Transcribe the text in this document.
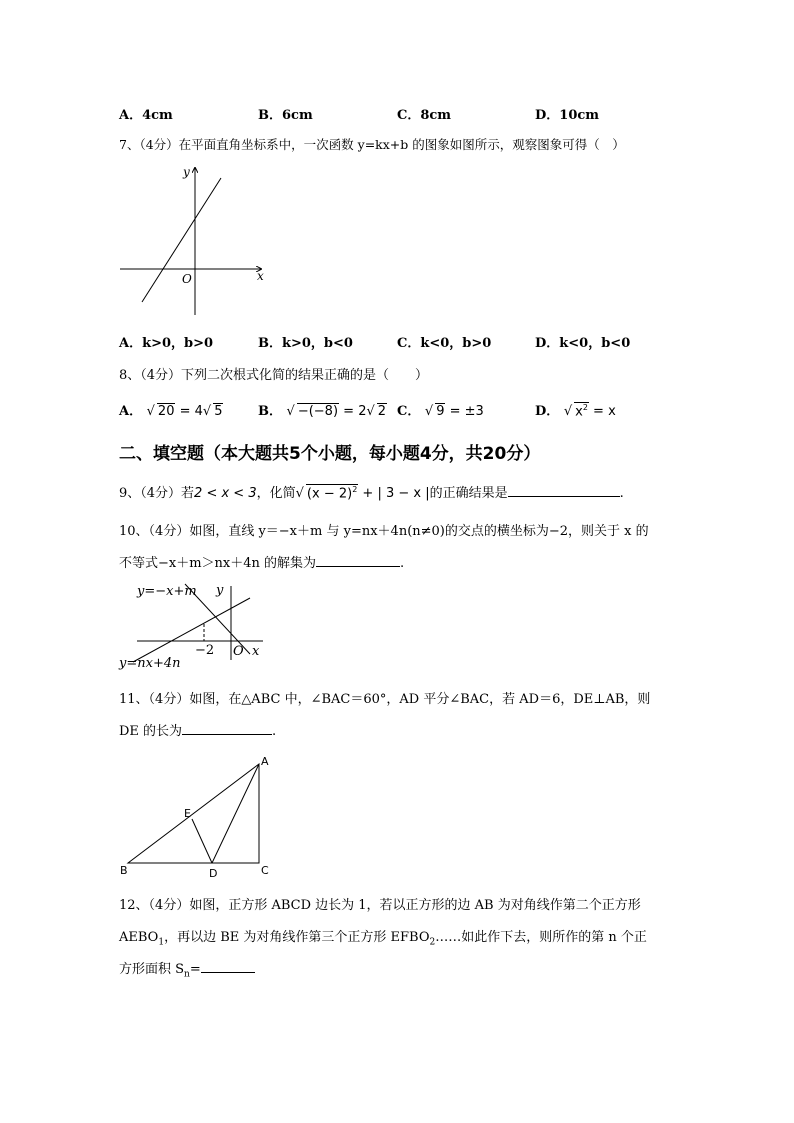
A．4cm	B．6cm	C．8cm	D．10cm
7、（4分）在平面直角坐标系中，一次函数 y=kx+b 的图象如图所示，观察图象可得（　）
y
x
O
A．k>0，b>0	B．k>0，b<0	C．k<0，b>0	D．k<0，b<0
8、（4分）下列二次根式化简的结果正确的是（　　）
A． √ 20 = 4√ 5	B． √ −(−8) = 2√ 2 C． √ 9 = ±3	D． √ $x^2 = x$
二、填空题（本大题共5个小题，每小题4分，共20分）
9、（4分）若2 < x < 3，化简√ $(x - 2)^2$ + | 3 − x |的正确结果是	.
10、（4分）如图，直线 y＝−x＋m 与 y=nx＋4n(n≠0)的交点的横坐标为−2，则关于 x 的
不等式−x＋m＞nx＋4n 的解集为	.
y=−x+m
y=nx+4n
y
x
O
−2
11、（4分）如图，在△ABC 中，∠BAC＝60°，AD 平分∠BAC，若 AD＝6，DE⊥AB，则
DE 的长为	.
A
B	C
D
E
12、（4分）如图，正方形 ABCD 边长为 1，若以正方形的边 AB 为对角线作第二个正方形
$AEBO_1$，再以边 BE 为对角线作第三个正方形 $EFBO_2\dots\dots$如此作下去，则所作的第 n 个正
方形面积 $S_n=$
